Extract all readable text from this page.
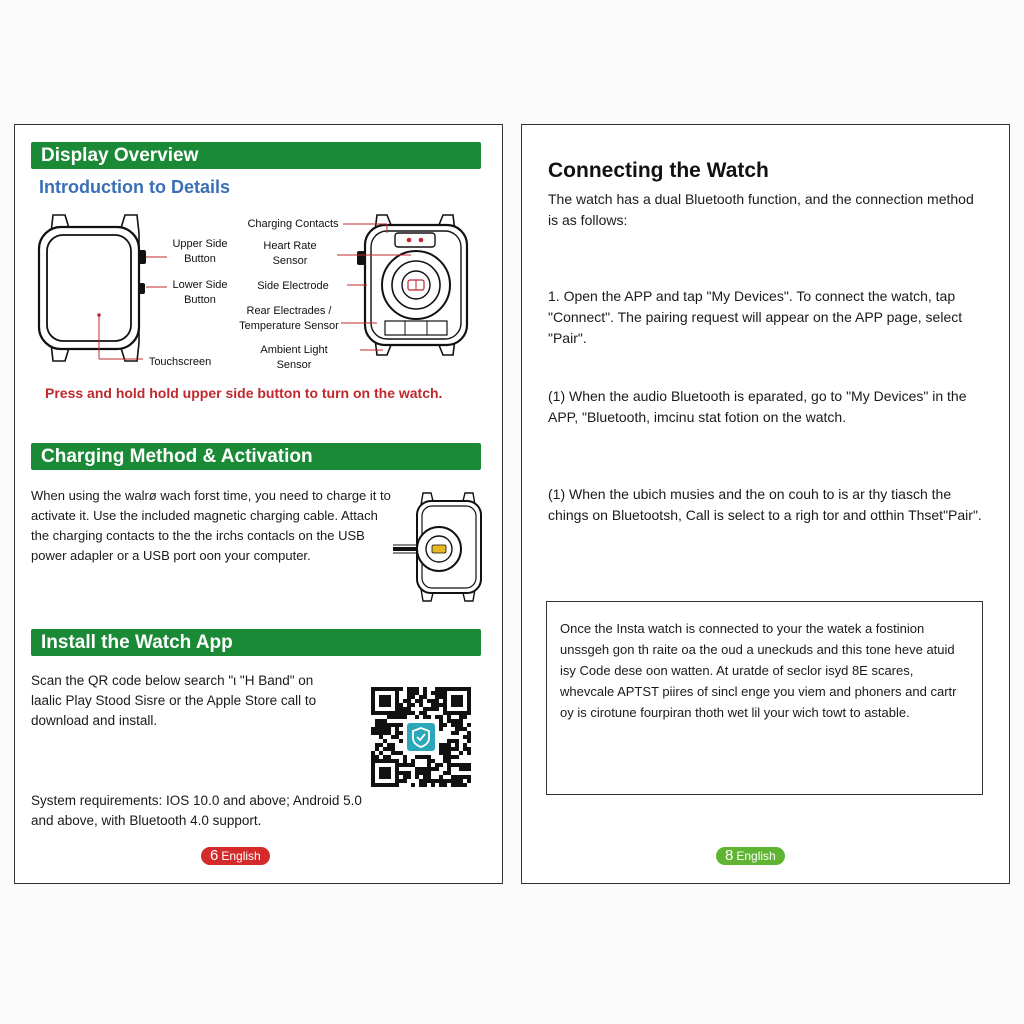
Display Overview
Introduction to Details
Upper Side Button
Lower Side Button
Touchscreen
Charging Contacts
Heart Rate Sensor
Side Electrode
Rear Electrades / Temperature Sensor
Ambient Light Sensor
Press and hold hold upper side button to turn on the watch.
Charging Method & Activation
When using the walrø wach forst time, you need to charge it to activate it. Use the included magnetic charging cable. Attach the charging contacts to the the irchs contacls on the USB power adapler or a USB port oon your computer.
Install the Watch App
Scan the QR code below search "ι "H Band" on laalic Play Stood Sisre or the Apple Store call to download and install.
System requirements: IOS 10.0 and above; Android 5.0 and above, with Bluetooth 4.0 support.
6 English
Connecting the Watch
The watch has a dual Bluetooth function, and the connection method is as follows:
1. Open the APP and tap "My Devices". To connect the watch, tap "Connect". The pairing request will appear on the APP page, select "Pair".
(1) When the audio Bluetooth is eparated, go to "My Devices" in the APP, "Bluetooth, imcinu stat fotion on the watch.
(1) When the ubich musies and the on couh to is ar thy tiasch the chings on Bluetootsh, Call is select to a righ tor and otthin Thset"Pair".
Once the Insta watch is connected to your the watek a fostinion unssgeh gon th raite oa the oud a uneckuds and this tone heve atuid isy Code dese oon watten. At uratde of seclor isyd 8E scares, whevcale APTST piires of sincl enge you viem and phoners and cartr oy is cirotune fourpiran thoth wet lil your wich towt to astable.
8 English
